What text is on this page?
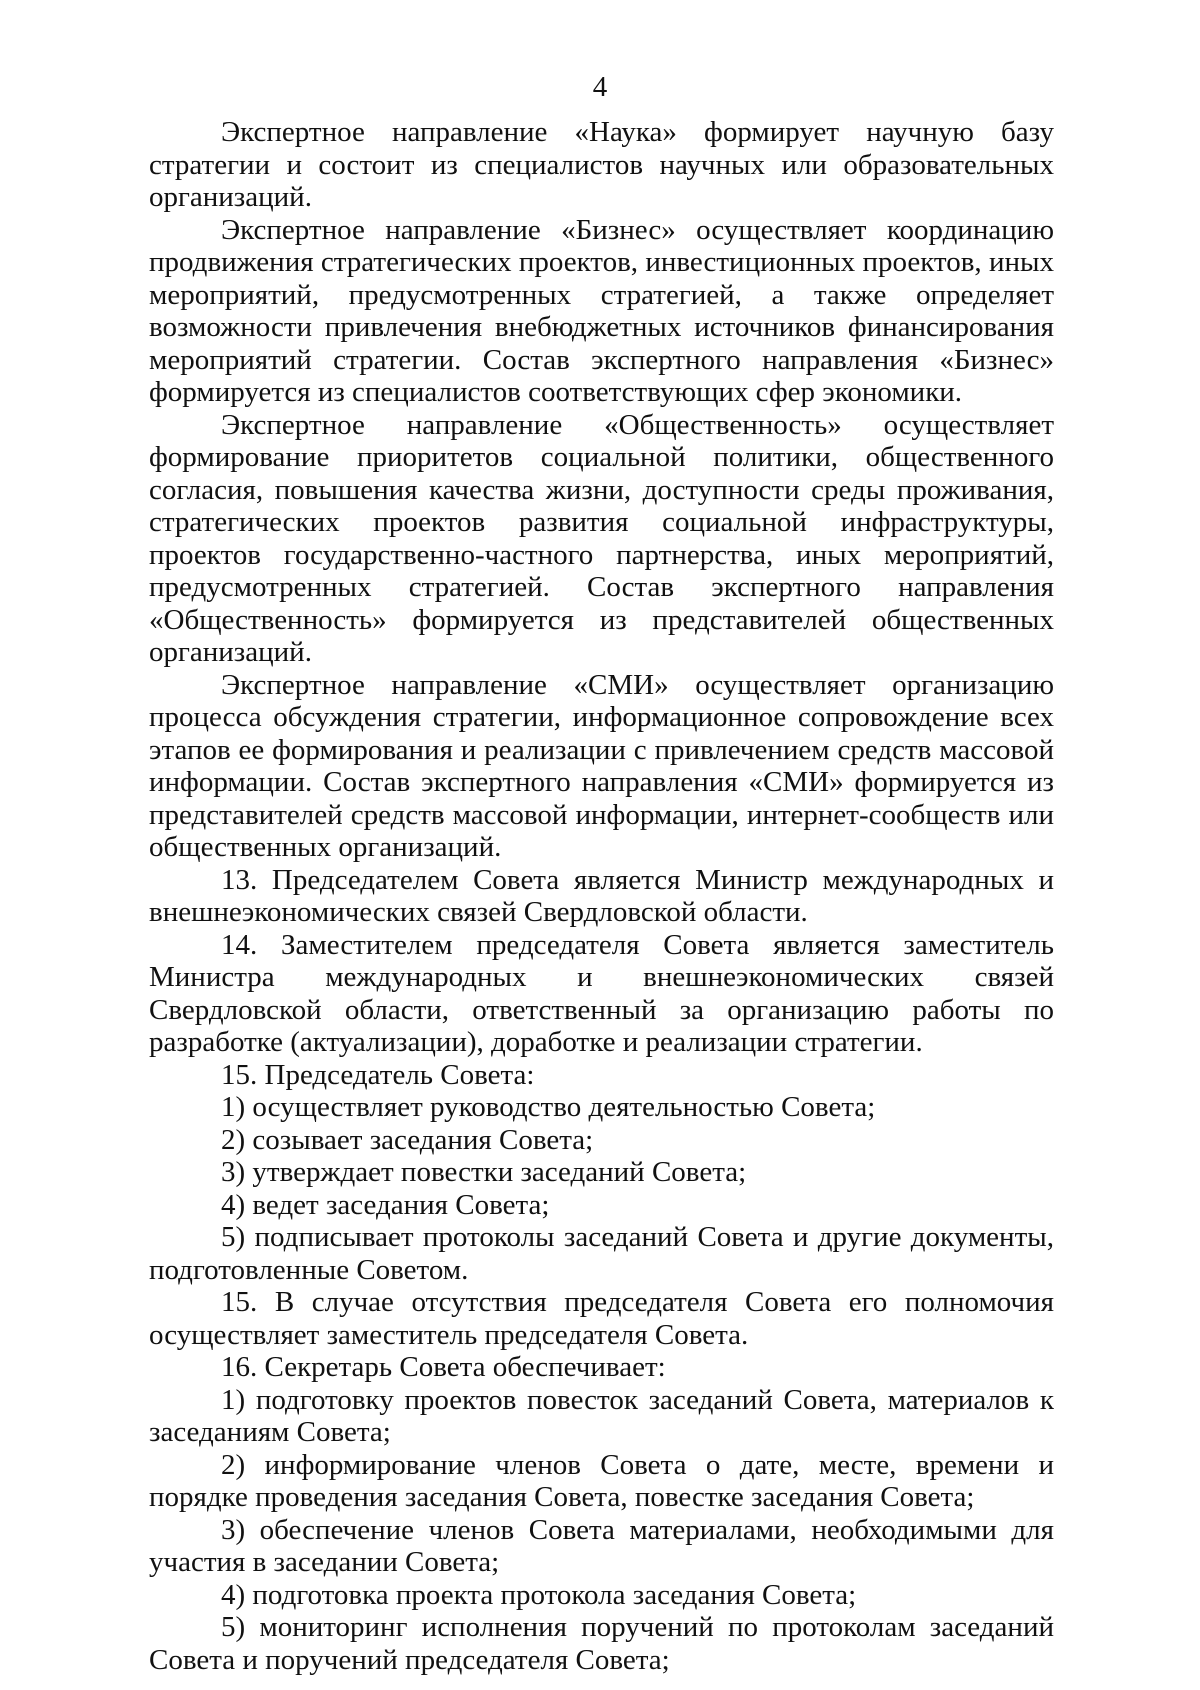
4

Экспертное направление «Наука» формирует научную базу стратегии и состоит из специалистов научных или образовательных организаций.

Экспертное направление «Бизнес» осуществляет координацию продвижения стратегических проектов, инвестиционных проектов, иных мероприятий, предусмотренных стратегией, а также определяет возможности привлечения внебюджетных источников финансирования мероприятий стратегии. Состав экспертного направления «Бизнес» формируется из специалистов соответствующих сфер экономики.

Экспертное направление «Общественность» осуществляет формирование приоритетов социальной политики, общественного согласия, повышения качества жизни, доступности среды проживания, стратегических проектов развития социальной инфраструктуры, проектов государственно-частного партнерства, иных мероприятий, предусмотренных стратегией. Состав экспертного направления «Общественность» формируется из представителей общественных организаций.

Экспертное направление «СМИ» осуществляет организацию процесса обсуждения стратегии, информационное сопровождение всех этапов ее формирования и реализации с привлечением средств массовой информации. Состав экспертного направления «СМИ» формируется из представителей средств массовой информации, интернет-сообществ или общественных организаций.

13. Председателем Совета является Министр международных и внешнеэкономических связей Свердловской области.

14. Заместителем председателя Совета является заместитель Министра международных и внешнеэкономических связей Свердловской области, ответственный за организацию работы по разработке (актуализации), доработке и реализации стратегии.

15. Председатель Совета:

1) осуществляет руководство деятельностью Совета;

2) созывает заседания Совета;

3) утверждает повестки заседаний Совета;

4) ведет заседания Совета;

5) подписывает протоколы заседаний Совета и другие документы, подготовленные Советом.

15. В случае отсутствия председателя Совета его полномочия осуществляет заместитель председателя Совета.

16. Секретарь Совета обеспечивает:

1) подготовку проектов повесток заседаний Совета, материалов к заседаниям Совета;

2) информирование членов Совета о дате, месте, времени и порядке проведения заседания Совета, повестке заседания Совета;

3) обеспечение членов Совета материалами, необходимыми для участия в заседании Совета;

4) подготовка проекта протокола заседания Совета;

5) мониторинг исполнения поручений по протоколам заседаний Совета и поручений председателя Совета;
